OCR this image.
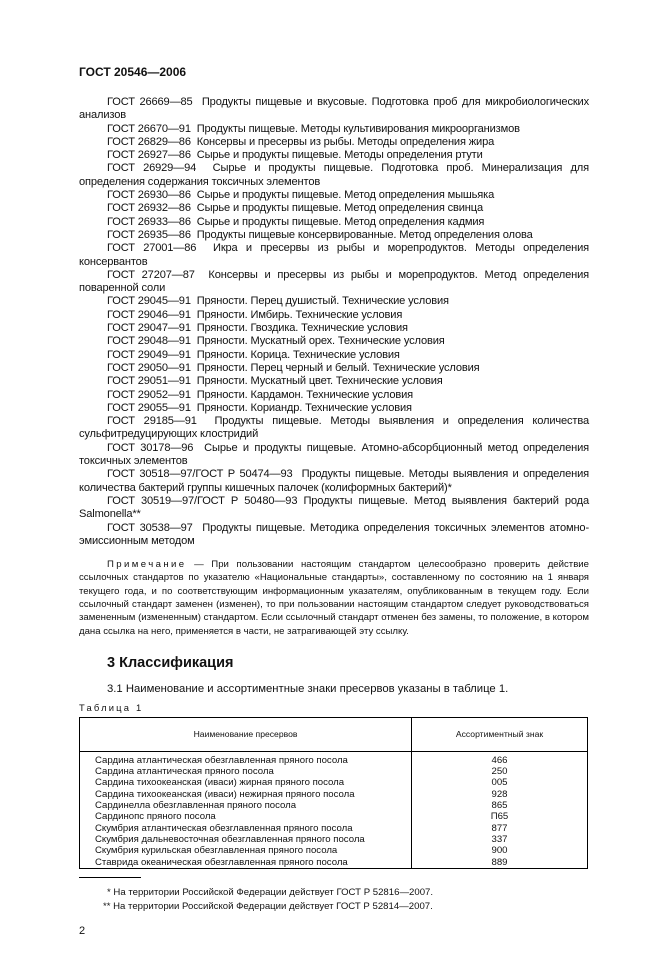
ГОСТ 20546—2006

ГОСТ 26669—85  Продукты пищевые и вкусовые. Подготовка проб для микробиологических анализов

ГОСТ 26670—91  Продукты пищевые. Методы культивирования микроорганизмов

ГОСТ 26829—86  Консервы и пресервы из рыбы. Методы определения жира

ГОСТ 26927—86  Сырье и продукты пищевые. Методы определения ртути

ГОСТ 26929—94  Сырье и продукты пищевые. Подготовка проб. Минерализация для определения содержания токсичных элементов

ГОСТ 26930—86  Сырье и продукты пищевые. Метод определения мышьяка

ГОСТ 26932—86  Сырье и продукты пищевые. Метод определения свинца

ГОСТ 26933—86  Сырье и продукты пищевые. Метод определения кадмия

ГОСТ 26935—86  Продукты пищевые консервированные. Метод определения олова

ГОСТ 27001—86  Икра и пресервы из рыбы и морепродуктов. Методы определения консервантов

ГОСТ 27207—87  Консервы и пресервы из рыбы и морепродуктов. Метод определения поваренной соли

ГОСТ 29045—91  Пряности. Перец душистый. Технические условия

ГОСТ 29046—91  Пряности. Имбирь. Технические условия

ГОСТ 29047—91  Пряности. Гвоздика. Технические условия

ГОСТ 29048—91  Пряности. Мускатный орех. Технические условия

ГОСТ 29049—91  Пряности. Корица. Технические условия

ГОСТ 29050—91  Пряности. Перец черный и белый. Технические условия

ГОСТ 29051—91  Пряности. Мускатный цвет. Технические условия

ГОСТ 29052—91  Пряности. Кардамон. Технические условия

ГОСТ 29055—91  Пряности. Кориандр. Технические условия

ГОСТ 29185—91  Продукты пищевые. Методы выявления и определения количества сульфитредуцирующих клостридий

ГОСТ 30178—96  Сырье и продукты пищевые. Атомно-абсорбционный метод определения токсичных элементов

ГОСТ 30518—97/ГОСТ Р 50474—93  Продукты пищевые. Методы выявления и определения количества бактерий группы кишечных палочек (колиформных бактерий)*

ГОСТ 30519—97/ГОСТ Р 50480—93 Продукты пищевые. Метод выявления бактерий рода Salmonella**

ГОСТ 30538—97  Продукты пищевые. Методика определения токсичных элементов атомно-эмиссионным методом

Примечание — При пользовании настоящим стандартом целесообразно проверить действие ссылочных стандартов по указателю «Национальные стандарты», составленному по состоянию на 1 января текущего года, и по соответствующим информационным указателям, опубликованным в текущем году. Если ссылочный стандарт заменен (изменен), то при пользовании настоящим стандартом следует руководствоваться замененным (измененным) стандартом. Если ссылочный стандарт отменен без замены, то положение, в котором дана ссылка на него, применяется в части, не затрагивающей эту ссылку.
3 Классификация
3.1 Наименование и ассортиментные знаки пресервов указаны в таблице 1.
Таблица 1
Наименование пресервов	Ассортиментный знак
Сардина атлантическая обезглавленная пряного посола	466
Сардина атлантическая пряного посола	250
Сардина тихоокеанская (иваси) жирная пряного посола	005
Сардина тихоокеанская (иваси) нежирная пряного посола	928
Сардинелла обезглавленная пряного посола	865
Сардинопс пряного посола	П65
Скумбрия атлантическая обезглавленная пряного посола	877
Скумбрия дальневосточная обезглавленная пряного посола	337
Скумбрия курильская обезглавленная пряного посола	900
Ставрида океаническая обезглавленная пряного посола	889
* На территории Российской Федерации действует ГОСТ Р 52816—2007.
** На территории Российской Федерации действует ГОСТ Р 52814—2007.
2
